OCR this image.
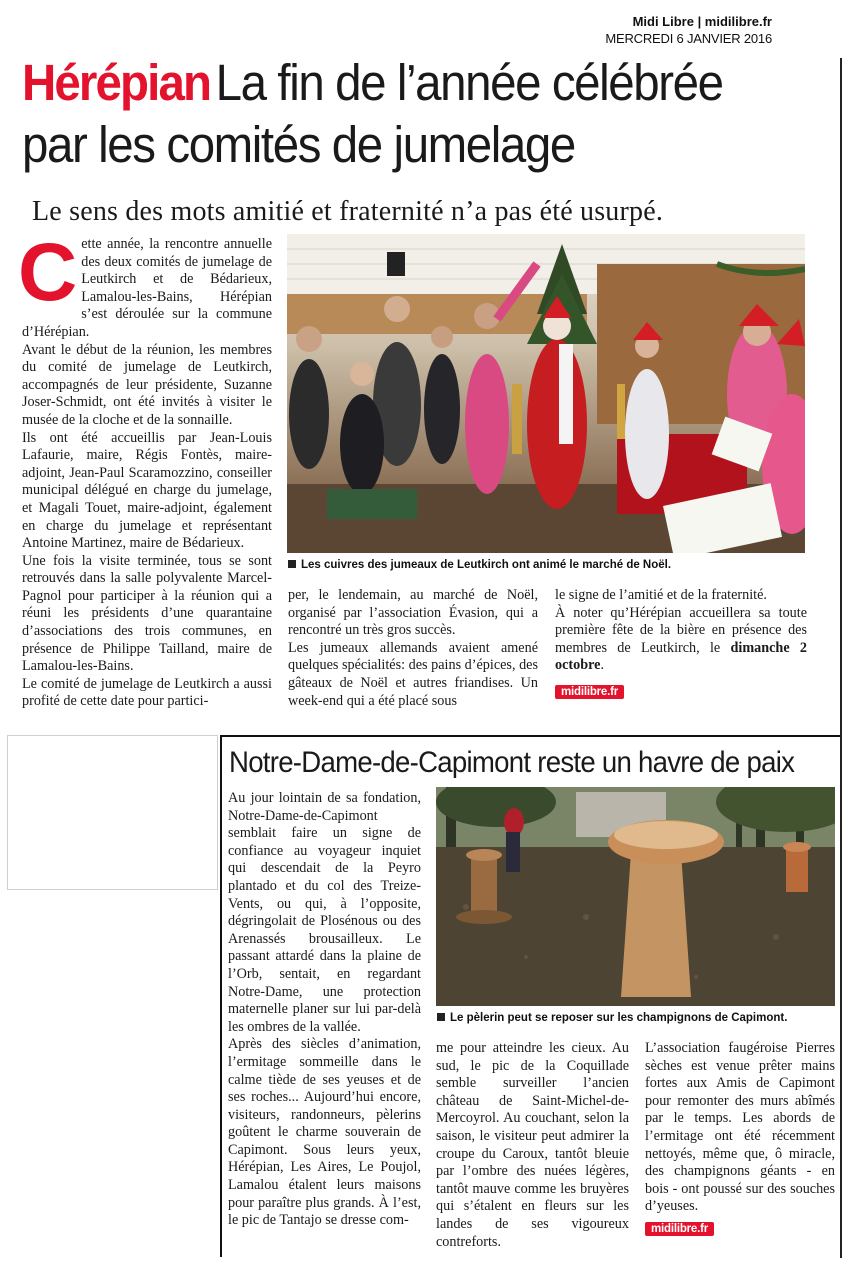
Midi Libre | midilibre.fr
MERCREDI 6 JANVIER 2016
Hérépian La fin de l’année célébrée par les comités de jumelage
Le sens des mots amitié et fraternité n’a pas été usurpé.

Cette année, la rencontre annuelle des deux comités de jumelage de Leutkirch et de Bédarieux, Lamalou-les-Bains, Hérépian s’est déroulée sur la commune d’Hérépian.

Avant le début de la réunion, les membres du comité de jumelage de Leutkirch, accompagnés de leur présidente, Suzanne Joser-Schmidt, ont été invités à visiter le musée de la cloche et de la sonnaille.

Ils ont été accueillis par Jean-Louis Lafaurie, maire, Régis Fontès, maire-adjoint, Jean-Paul Scaramozzino, conseiller municipal délégué en charge du jumelage, et Magali Touet, maire-adjoint, également en charge du jumelage et représentant Antoine Martinez, maire de Bédarieux.

Une fois la visite terminée, tous se sont retrouvés dans la salle polyvalente Marcel-Pagnol pour participer à la réunion qui a réuni les présidents d’une quarantaine d’associations des trois communes, en présence de Philippe Tailland, maire de Lamalou-les-Bains.

Le comité de jumelage de Leutkirch a aussi profité de cette date pour partici-

Les cuivres des jumeaux de Leutkirch ont animé le marché de Noël.

per, le lendemain, au marché de Noël, organisé par l’association Évasion, qui a rencontré un très gros succès.

Les jumeaux allemands avaient amené quelques spécialités: des pains d’épices, des gâteaux de Noël et autres friandises. Un week-end qui a été placé sous

le signe de l’amitié et de la fraternité.

À noter qu’Hérépian accueillera sa toute première fête de la bière en présence des membres de Leutkirch, le dimanche 2 octobre.

midilibre.fr
Notre-Dame-de-Capimont reste un havre de paix

Au jour lointain de sa fondation, Notre-Dame-de-Capimont semblait faire un signe de confiance au voyageur inquiet qui descendait de la Peyro plantado et du col des Treize-Vents, ou qui, à l’opposite, dégringolait de Plosénous ou des Arenassés brousailleux. Le passant attardé dans la plaine de l’Orb, sentait, en regardant Notre-Dame, une protection maternelle planer sur lui par-delà les ombres de la vallée.

Après des siècles d’animation, l’ermitage sommeille dans le calme tiède de ses yeuses et de ses roches... Aujourd’hui encore, visiteurs, randonneurs, pèlerins goûtent le charme souverain de Capimont. Sous leurs yeux, Hérépian, Les Aires, Le Poujol, Lamalou étalent leurs maisons pour paraître plus grands. À l’est, le pic de Tantajo se dresse com-

Le pèlerin peut se reposer sur les champignons de Capimont.

me pour atteindre les cieux. Au sud, le pic de la Coquillade semble surveiller l’ancien château de Saint-Michel-de-Mercoyrol. Au couchant, selon la saison, le visiteur peut admirer la croupe du Caroux, tantôt bleuie par l’ombre des nuées légères, tantôt mauve comme les bruyères qui s’étalent en fleurs sur les landes de ses vigoureux contreforts.

L’association faugéroise Pierres sèches est venue prêter mains fortes aux Amis de Capimont pour remonter des murs abîmés par le temps. Les abords de l’ermitage ont été récemment nettoyés, même que, ô miracle, des champignons géants - en bois - ont poussé sur des souches d’yeuses.

midilibre.fr
